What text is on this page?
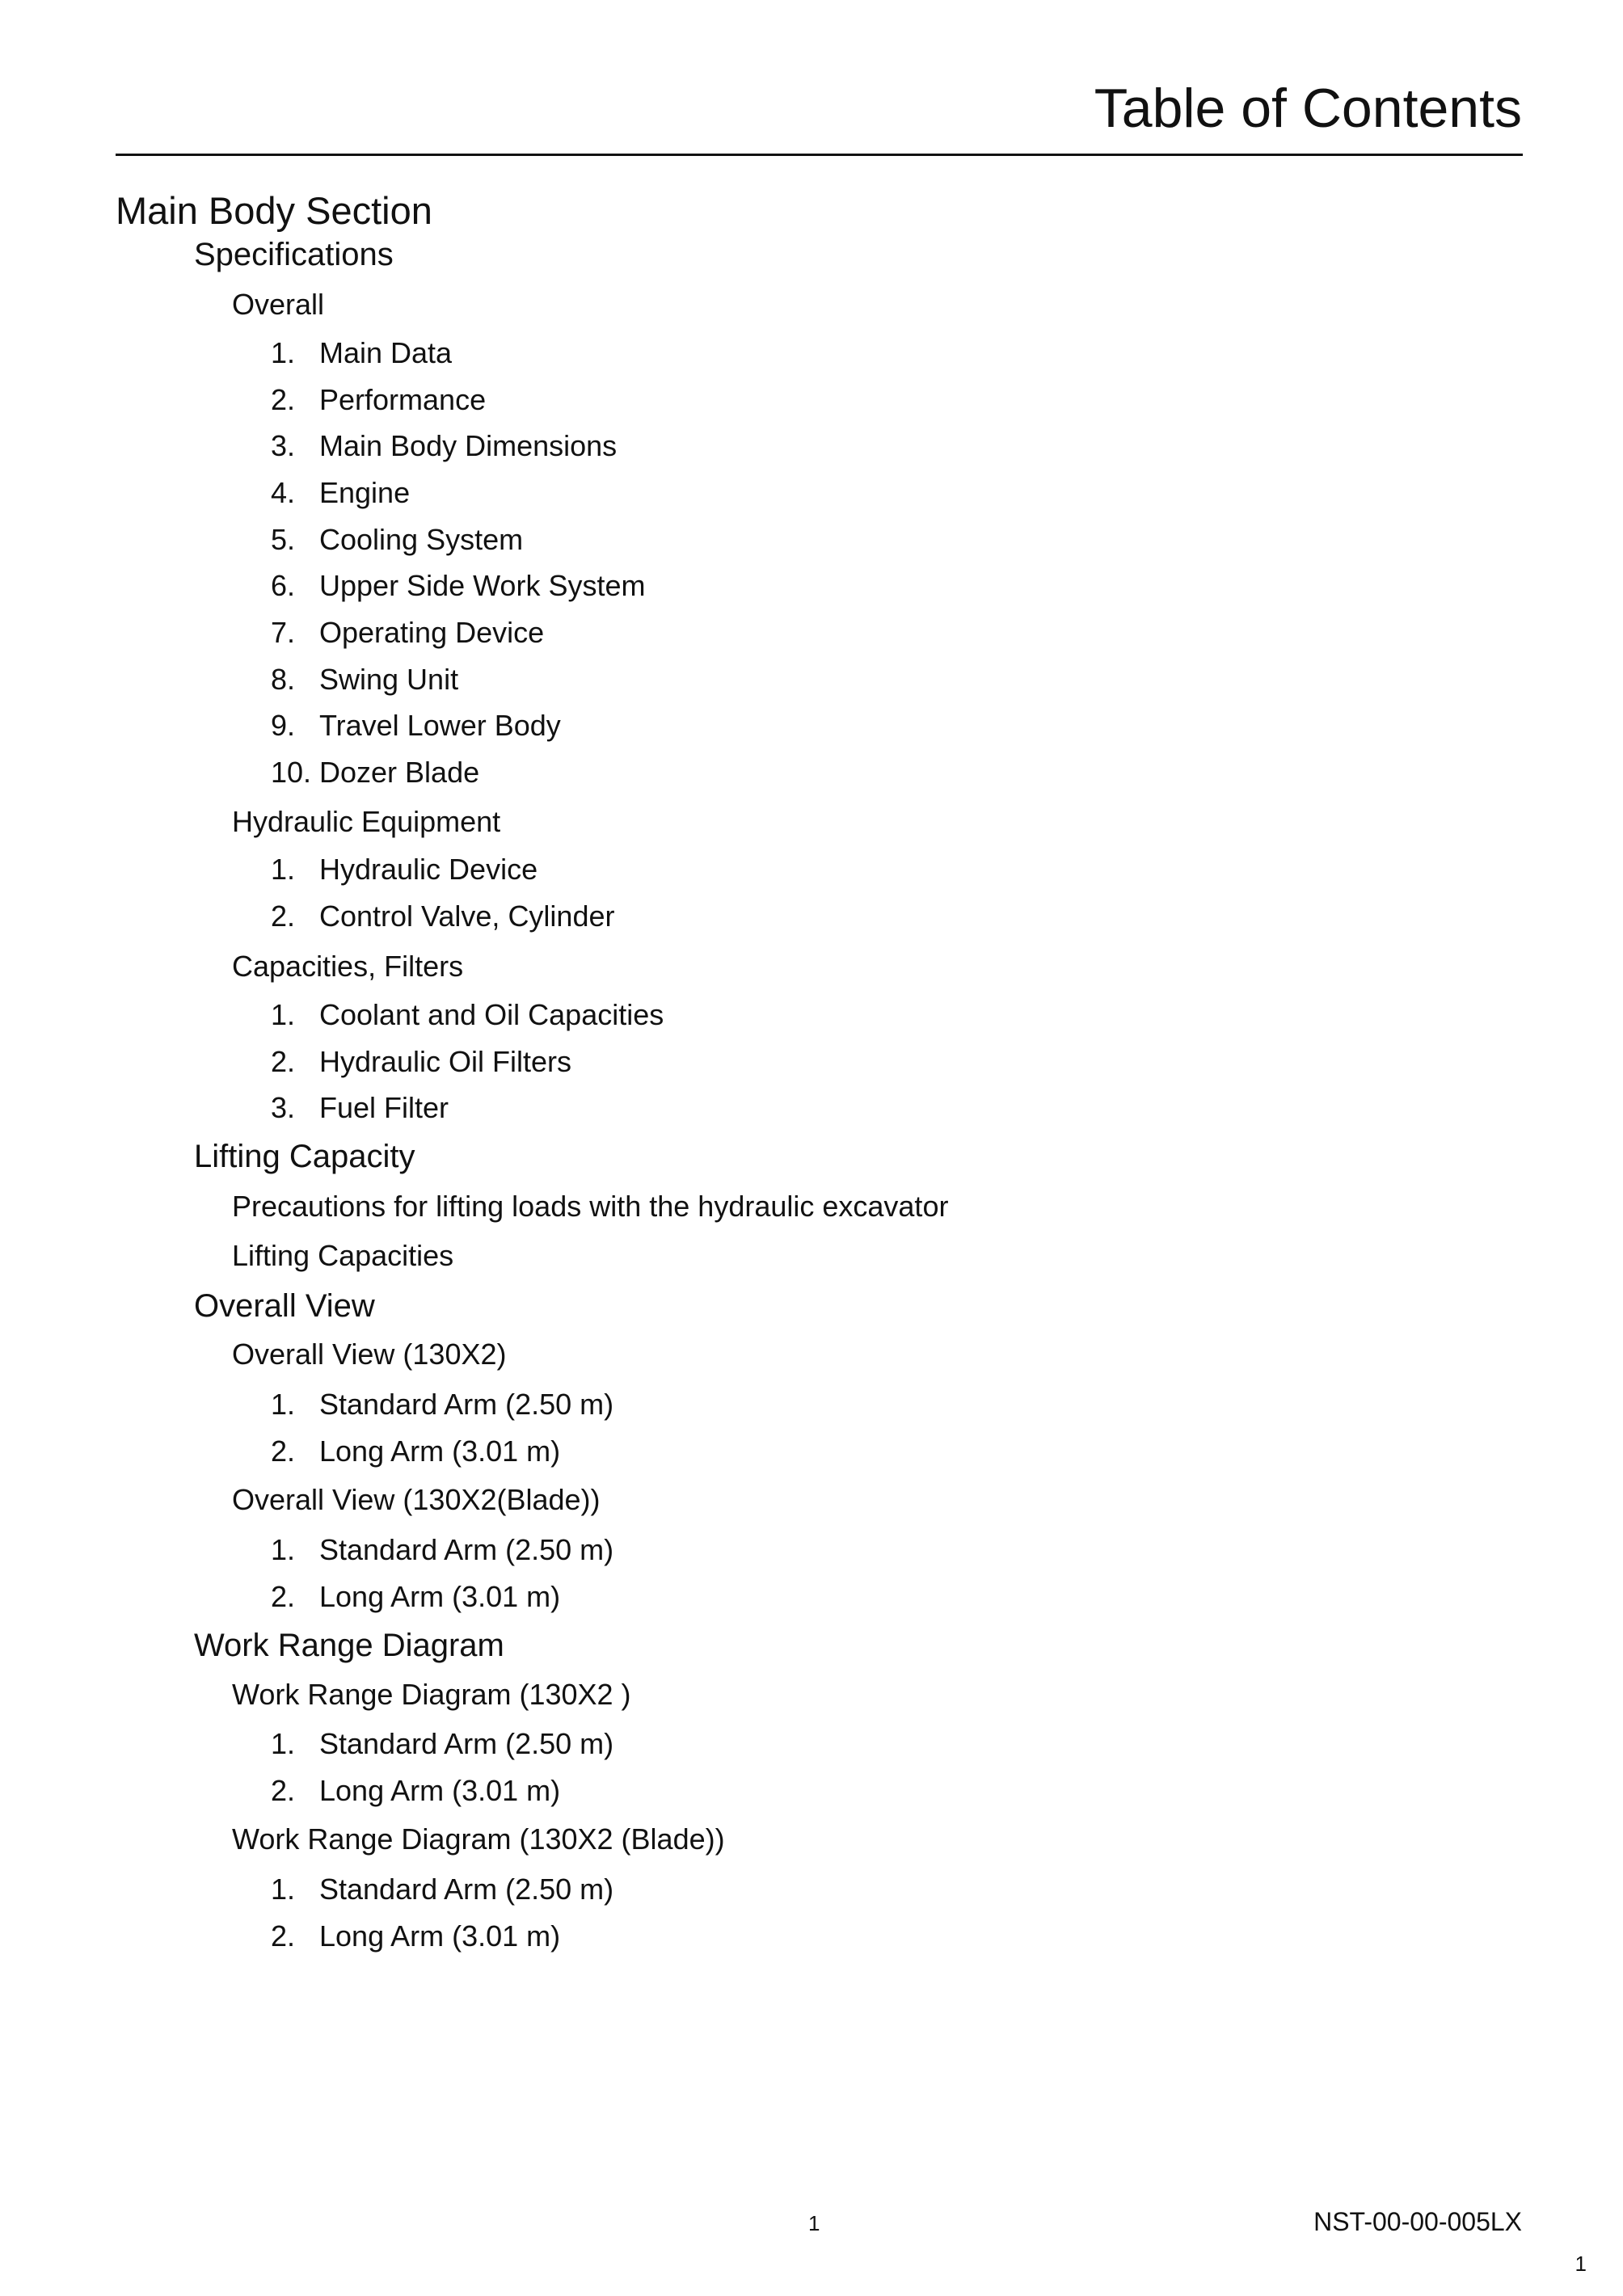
Table of Contents
Main Body Section
Specifications
Overall
1. Main Data
2. Performance
3. Main Body Dimensions
4. Engine
5. Cooling System
6. Upper Side Work System
7. Operating Device
8. Swing Unit
9. Travel Lower Body
10. Dozer Blade
Hydraulic Equipment
1. Hydraulic Device
2. Control Valve, Cylinder
Capacities, Filters
1. Coolant and Oil Capacities
2. Hydraulic Oil Filters
3. Fuel Filter
Lifting Capacity
Precautions for lifting loads with the hydraulic excavator
Lifting Capacities
Overall View
Overall View (130X2)
1. Standard Arm (2.50 m)
2. Long Arm (3.01 m)
Overall View (130X2(Blade))
1. Standard Arm (2.50 m)
2. Long Arm (3.01 m)
Work Range Diagram
Work Range Diagram (130X2 )
1. Standard Arm (2.50 m)
2. Long Arm (3.01 m)
Work Range Diagram (130X2 (Blade))
1. Standard Arm (2.50 m)
2. Long Arm (3.01 m)
1	NST-00-00-005LX
1
